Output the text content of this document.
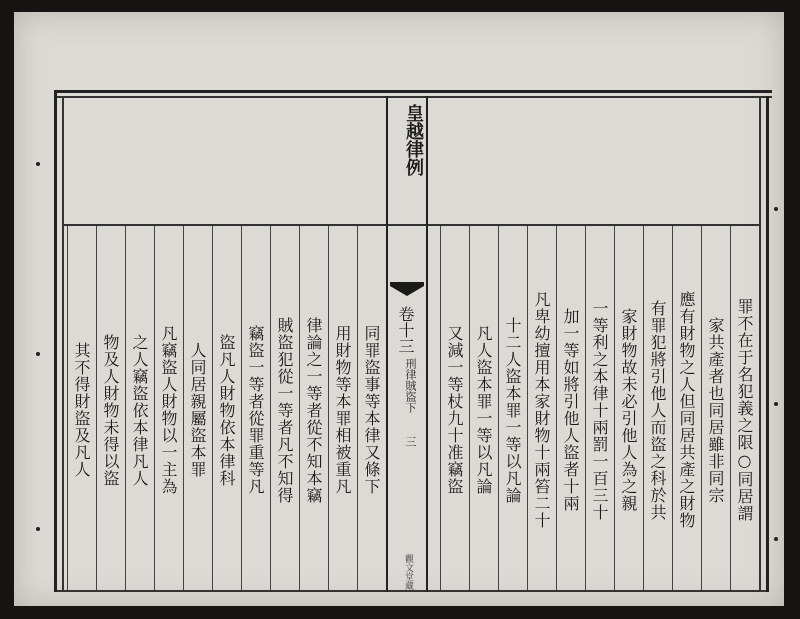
皇越律例
卷十三
刑律賊盜下
三
觀文堂藏
罪不在于名犯義之限○同居謂
家共產者也同居雖非同宗
應有財物之人但同居共產之財物
有罪犯將引他人而盜之科於共
家財物故未必引他人為之親
一等利之本律十兩罰一百三十
加一等如將引他人盜者十兩
凡卑幼擅用本家財物十兩笞二十
十二人盜本罪一等以凡論
凡人盜本罪一等以凡論
又減一等杖九十准竊盜
同罪盜事等本律又條下
用財物等本罪相被重凡
律論之一等者從不知本竊
賊盜犯從一等者凡不知得
竊盜一等者從罪重等凡
盜凡人財物依本律科
人同居親屬盜本罪
凡竊盜人財物以一主為
之人竊盜依本律凡人
物及人財物未得以盜
其不得財盜及凡人
